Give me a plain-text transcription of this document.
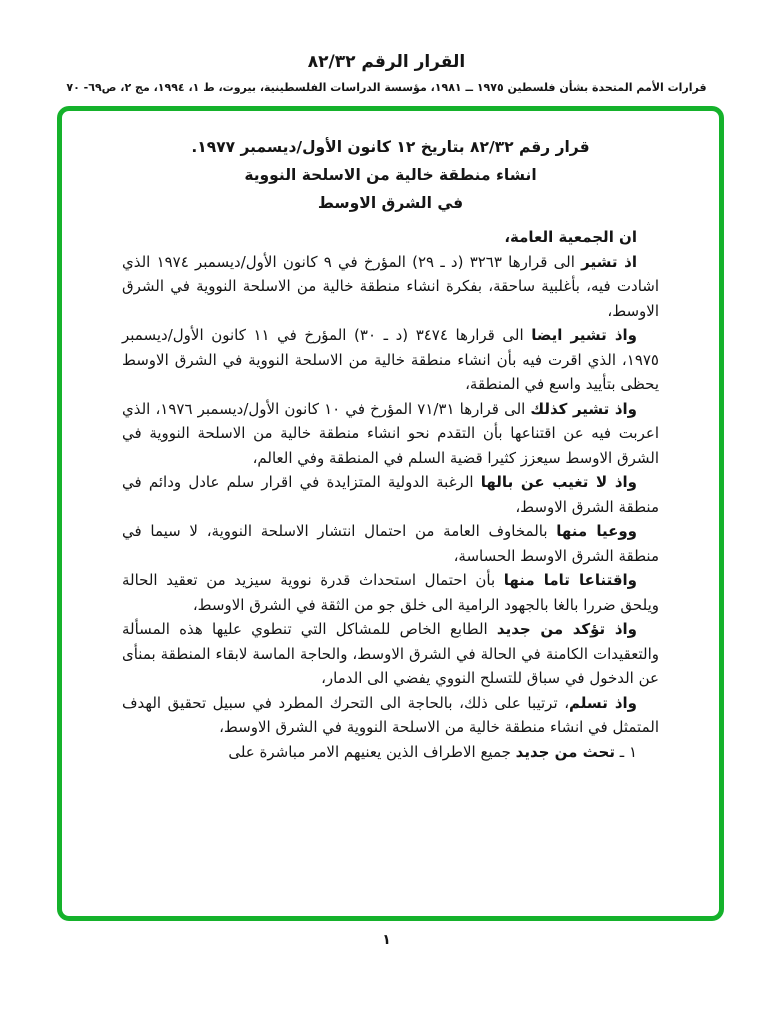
القرار الرقم ٨٢/٣٢
قرارات الأمم المتحدة بشأن فلسطين ١٩٧٥ ــ ١٩٨١، مؤسسة الدراسات الفلسطينية، بيروت، ط ١، ١٩٩٤، مج ٢، ص٦٩- ٧٠
قرار رقم ٨٢/٣٢ بتاريخ ١٢ كانون الأول/ديسمبر ١٩٧٧.
انشاء منطقة خالية من الاسلحة النووية
في الشرق الاوسط

ان الجمعية العامة،

اذ تشير الى قرارها ٣٢٦٣ (د ـ ٢٩) المؤرخ في ٩ كانون الأول/ديسمبر ١٩٧٤ الذي اشادت فيه، بأغلبية ساحقة، بفكرة انشاء منطقة خالية من الاسلحة النووية في الشرق الاوسط،

واذ تشير ايضا الى قرارها ٣٤٧٤ (د ـ ٣٠) المؤرخ في ١١ كانون الأول/ديسمبر ١٩٧٥، الذي اقرت فيه بأن انشاء منطقة خالية من الاسلحة النووية في الشرق الاوسط يحظى بتأييد واسع في المنطقة،

واذ تشير كذلك الى قرارها ٧١/٣١ المؤرخ في ١٠ كانون الأول/ديسمبر ١٩٧٦، الذي اعربت فيه عن اقتناعها بأن التقدم نحو انشاء منطقة خالية من الاسلحة النووية في الشرق الاوسط سيعزز كثيرا قضية السلم في المنطقة وفي العالم،

واذ لا تغيب عن بالها الرغبة الدولية المتزايدة في اقرار سلم عادل ودائم في منطقة الشرق الاوسط،

ووعيا منها بالمخاوف العامة من احتمال انتشار الاسلحة النووية، لا سيما في منطقة الشرق الاوسط الحساسة،

واقتناعا تاما منها بأن احتمال استحداث قدرة نووية سيزيد من تعقيد الحالة ويلحق ضررا بالغا بالجهود الرامية الى خلق جو من الثقة في الشرق الاوسط،

واذ تؤكد من جديد الطابع الخاص للمشاكل التي تنطوي عليها هذه المسألة والتعقيدات الكامنة في الحالة في الشرق الاوسط، والحاجة الماسة لابقاء المنطقة بمنأى عن الدخول في سباق للتسلح النووي يفضي الى الدمار،

واذ تسلم، ترتيبا على ذلك، بالحاجة الى التحرك المطرد في سبيل تحقيق الهدف المتمثل في انشاء منطقة خالية من الاسلحة النووية في الشرق الاوسط،

١ ـ تحث من جديد جميع الاطراف الذين يعنيهم الامر مباشرة على

١
